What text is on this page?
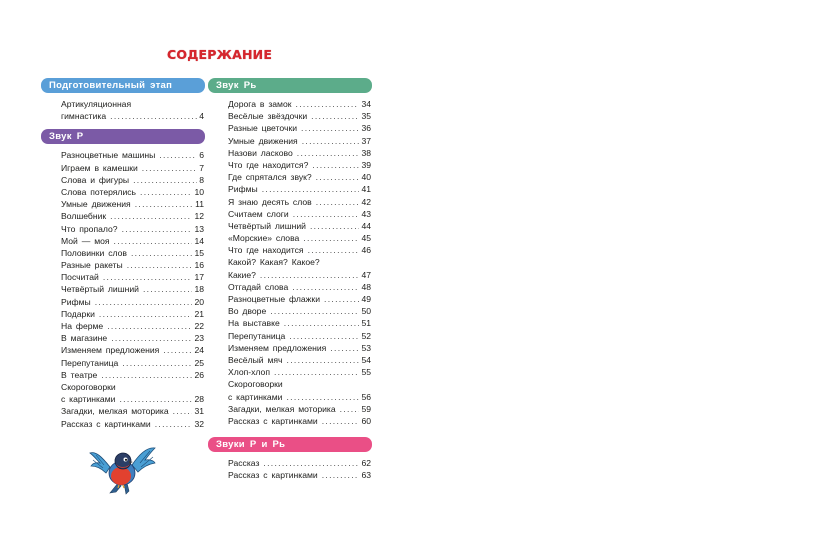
СОДЕРЖАНИЕ
Подготовительный этап
Артикуляционная
гимнастика .....	4
Звук Р
Разноцветные машины .....	6
Играем в камешки .....	7
Слова и фигуры .....	8
Слова потерялись .....	10
Умные движения .....	11
Волшебник .....	12
Что пропало? .....	13
Мой — моя .....	14
Половинки слов .....	15
Разные ракеты .....	16
Посчитай .....	17
Четвёртый лишний .....	18
Рифмы .....	20
Подарки .....	21
На ферме .....	22
В магазине .....	23
Изменяем предложения .....	24
Перепутаница .....	25
В театре .....	26
Скороговорки
с картинками .....	28
Загадки, мелкая моторика .....	31
Рассказ с картинками .....	32
Звук Рь
Дорога в замок .....	34
Весёлые звёздочки .....	35
Разные цветочки .....	36
Умные движения .....	37
Назови ласково .....	38
Что где находится? .....	39
Где спрятался звук? .....	40
Рифмы .....	41
Я знаю десять слов .....	42
Считаем слоги .....	43
Четвёртый лишний .....	44
«Морские» слова .....	45
Что где находится .....	46
Какой? Какая? Какое?
Какие? .....	47
Отгадай слова .....	48
Разноцветные флажки .....	49
Во дворе .....	50
На выставке .....	51
Перепутаница .....	52
Изменяем предложения .....	53
Весёлый мяч .....	54
Хлоп-хлоп .....	55
Скороговорки
с картинками .....	56
Загадки, мелкая моторика .....	59
Рассказ с картинками .....	60
Звуки Р и Рь
Рассказ .....	62
Рассказ с картинками .....	63
